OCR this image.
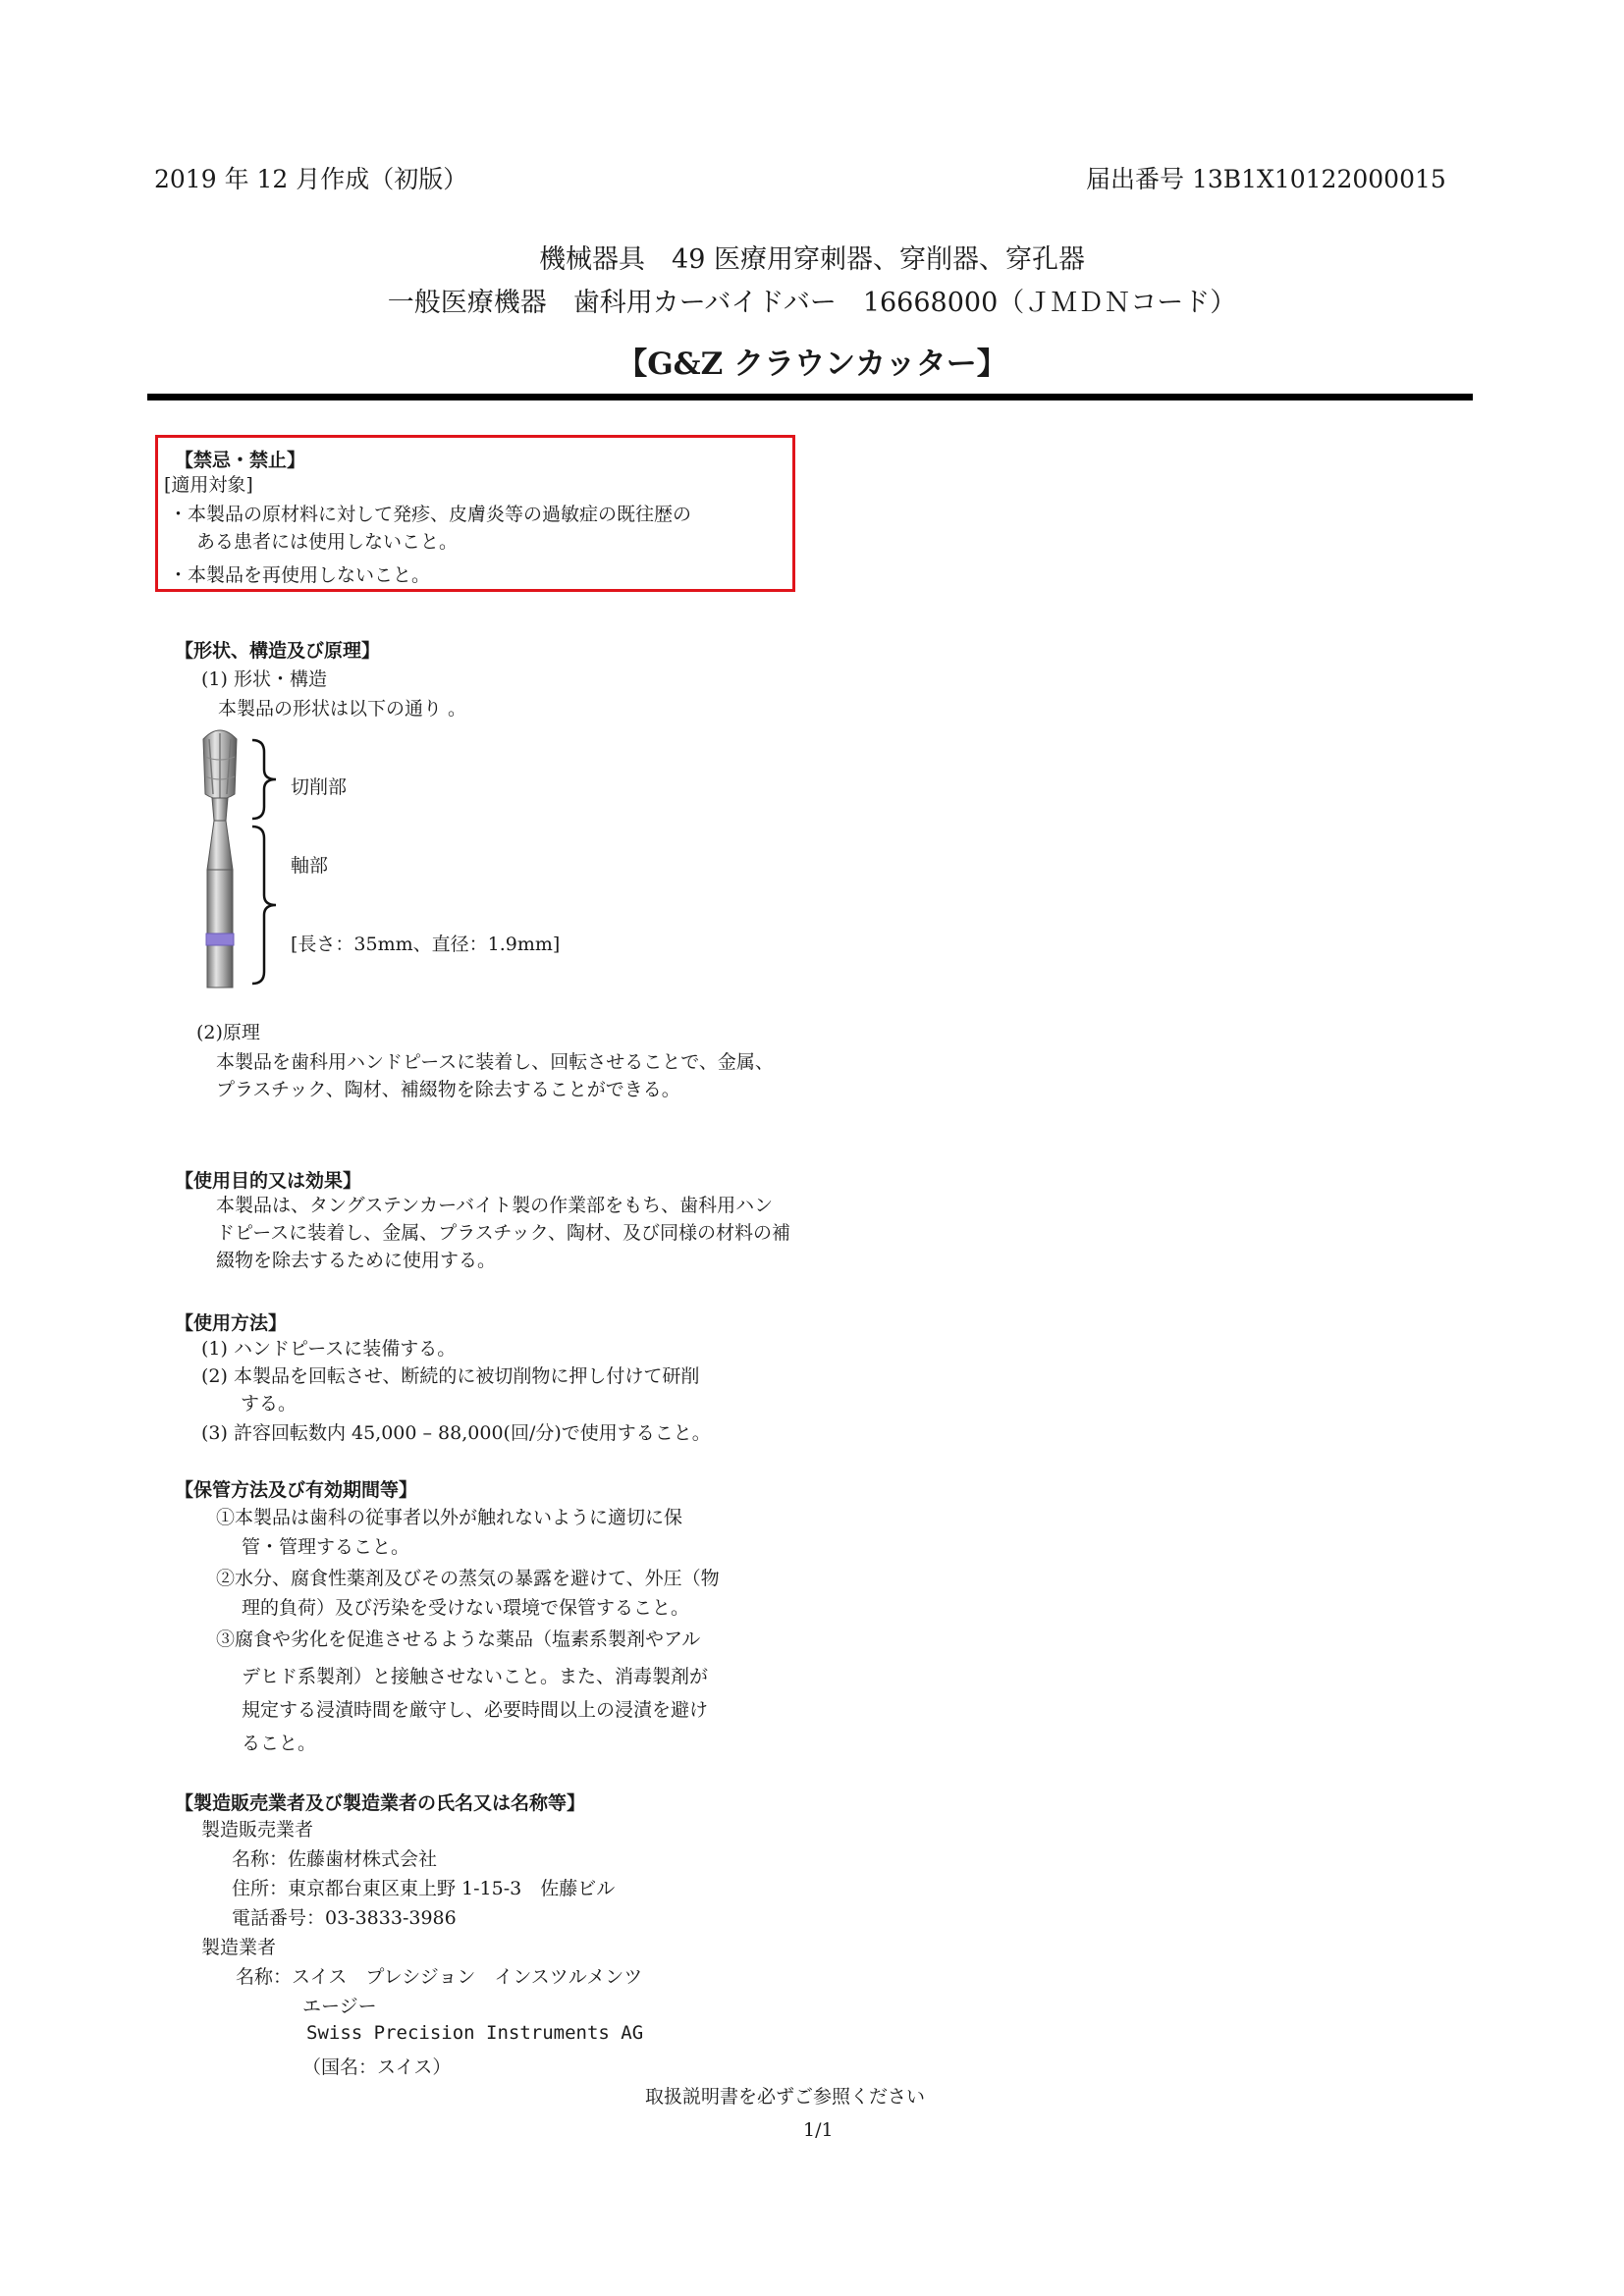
2019 年 12 月作成（初版）	届出番号 13B1X10122000015
機械器具　49 医療用穿刺器、穿削器、穿孔器
一般医療機器　歯科用カーバイドバー　16668000（ＪＭＤＮコード）
【G&Z クラウンカッター】
【禁忌・禁止】
[適用対象]
・本製品の原材料に対して発疹、皮膚炎等の過敏症の既往歴の
ある患者には使用しないこと。
・本製品を再使用しないこと。
【形状、構造及び原理】
(1) 形状・構造
本製品の形状は以下の通り 。
切削部
軸部
[長さ：35mm、直径：1.9mm]
(2)原理

本製品を歯科用ハンドピースに装着し、回転させることで、金属、プラスチック、陶材、補綴物を除去することができる。

【使用目的又は効果】
本製品は、タングステンカーバイト製の作業部をもち、歯科用ハンドピースに装着し、金属、プラスチック、陶材、及び同様の材料の補綴物を除去するために使用する。
【使用方法】
(1) ハンドピースに装備する。
(2) 本製品を回転させ、断続的に被切削物に押し付けて研削
する。
(3) 許容回転数内 45,000 – 88,000(回/分)で使用すること。
【保管方法及び有効期間等】
①本製品は歯科の従事者以外が触れないように適切に保
管・管理すること。
②水分、腐食性薬剤及びその蒸気の暴露を避けて、外圧（物
理的負荷）及び汚染を受けない環境で保管すること。
③腐食や劣化を促進させるような薬品（塩素系製剤やアル
デヒド系製剤）と接触させないこと。また、消毒製剤が
規定する浸漬時間を厳守し、必要時間以上の浸漬を避け
ること。
【製造販売業者及び製造業者の氏名又は名称等】
製造販売業者
名称：佐藤歯材株式会社
住所：東京都台東区東上野 1-15-3　佐藤ビル
電話番号：03-3833-3986
製造業者
名称：スイス　プレシジョン　インスツルメンツ
エージー
Swiss Precision Instruments AG
（国名：スイス）
取扱説明書を必ずご参照ください
1/1
